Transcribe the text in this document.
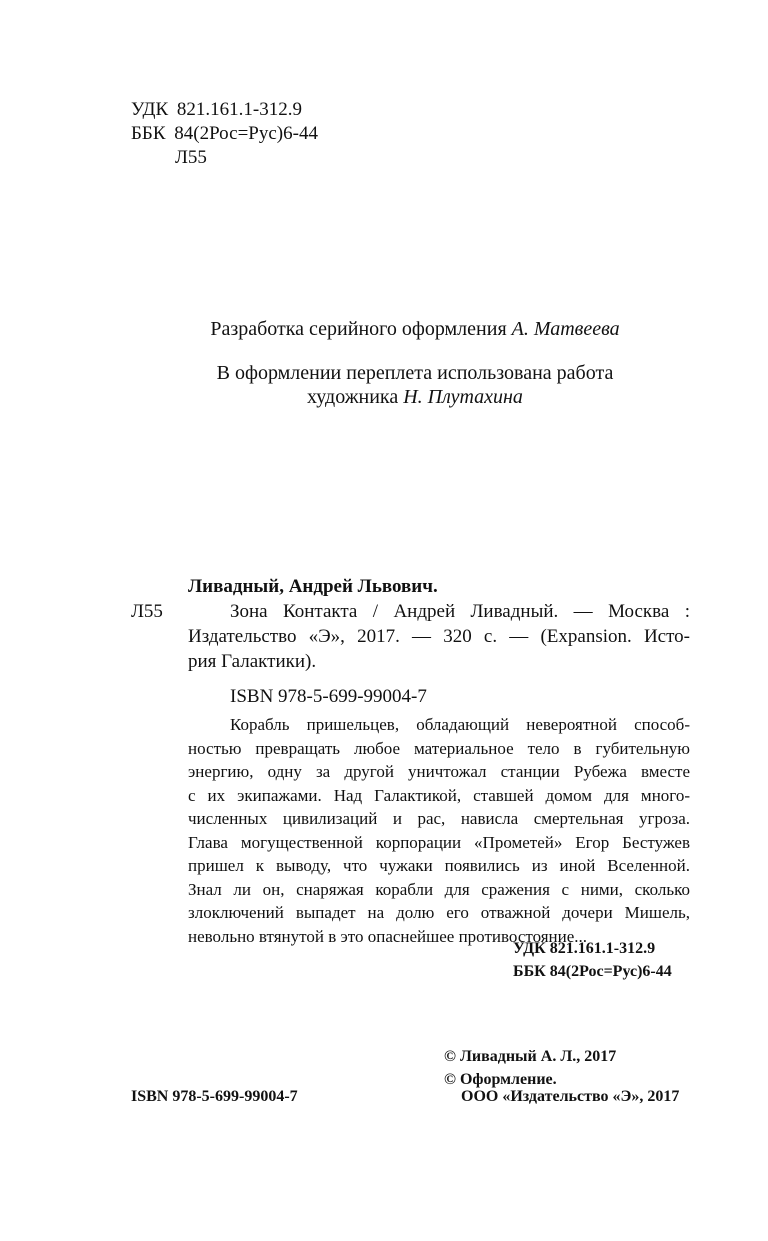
УДК 821.161.1-312.9
ББК 84(2Рос=Рус)6-44
Л55
Разработка серийного оформления А. Матвеева
В оформлении переплета использована работа
художника Н. Плутахина
Ливадный, Андрей Львович.
Л55	Зона Контакта / Андрей Ливадный. — Москва :
Издательство «Э», 2017. — 320 с. — (Expansion. Исто-
рия Галактики).
ISBN 978-5-699-99004-7
Корабль пришельцев, обладающий невероятной способ-
ностью превращать любое материальное тело в губительную
энергию, одну за другой уничтожал станции Рубежа вместе
с их экипажами. Над Галактикой, ставшей домом для много-
численных цивилизаций и рас, нависла смертельная угроза.
Глава могущественной корпорации «Прометей» Егор Бестужев
пришел к выводу, что чужаки появились из иной Вселенной.
Знал ли он, снаряжая корабли для сражения с ними, сколько
злоключений выпадет на долю его отважной дочери Мишель,
невольно втянутой в это опаснейшее противостояние...
УДК 821.161.1-312.9
ББК 84(2Рос=Рус)6-44
© Ливадный А. Л., 2017
© Оформление.
ISBN 978-5-699-99004-7	ООО «Издательство «Э», 2017
